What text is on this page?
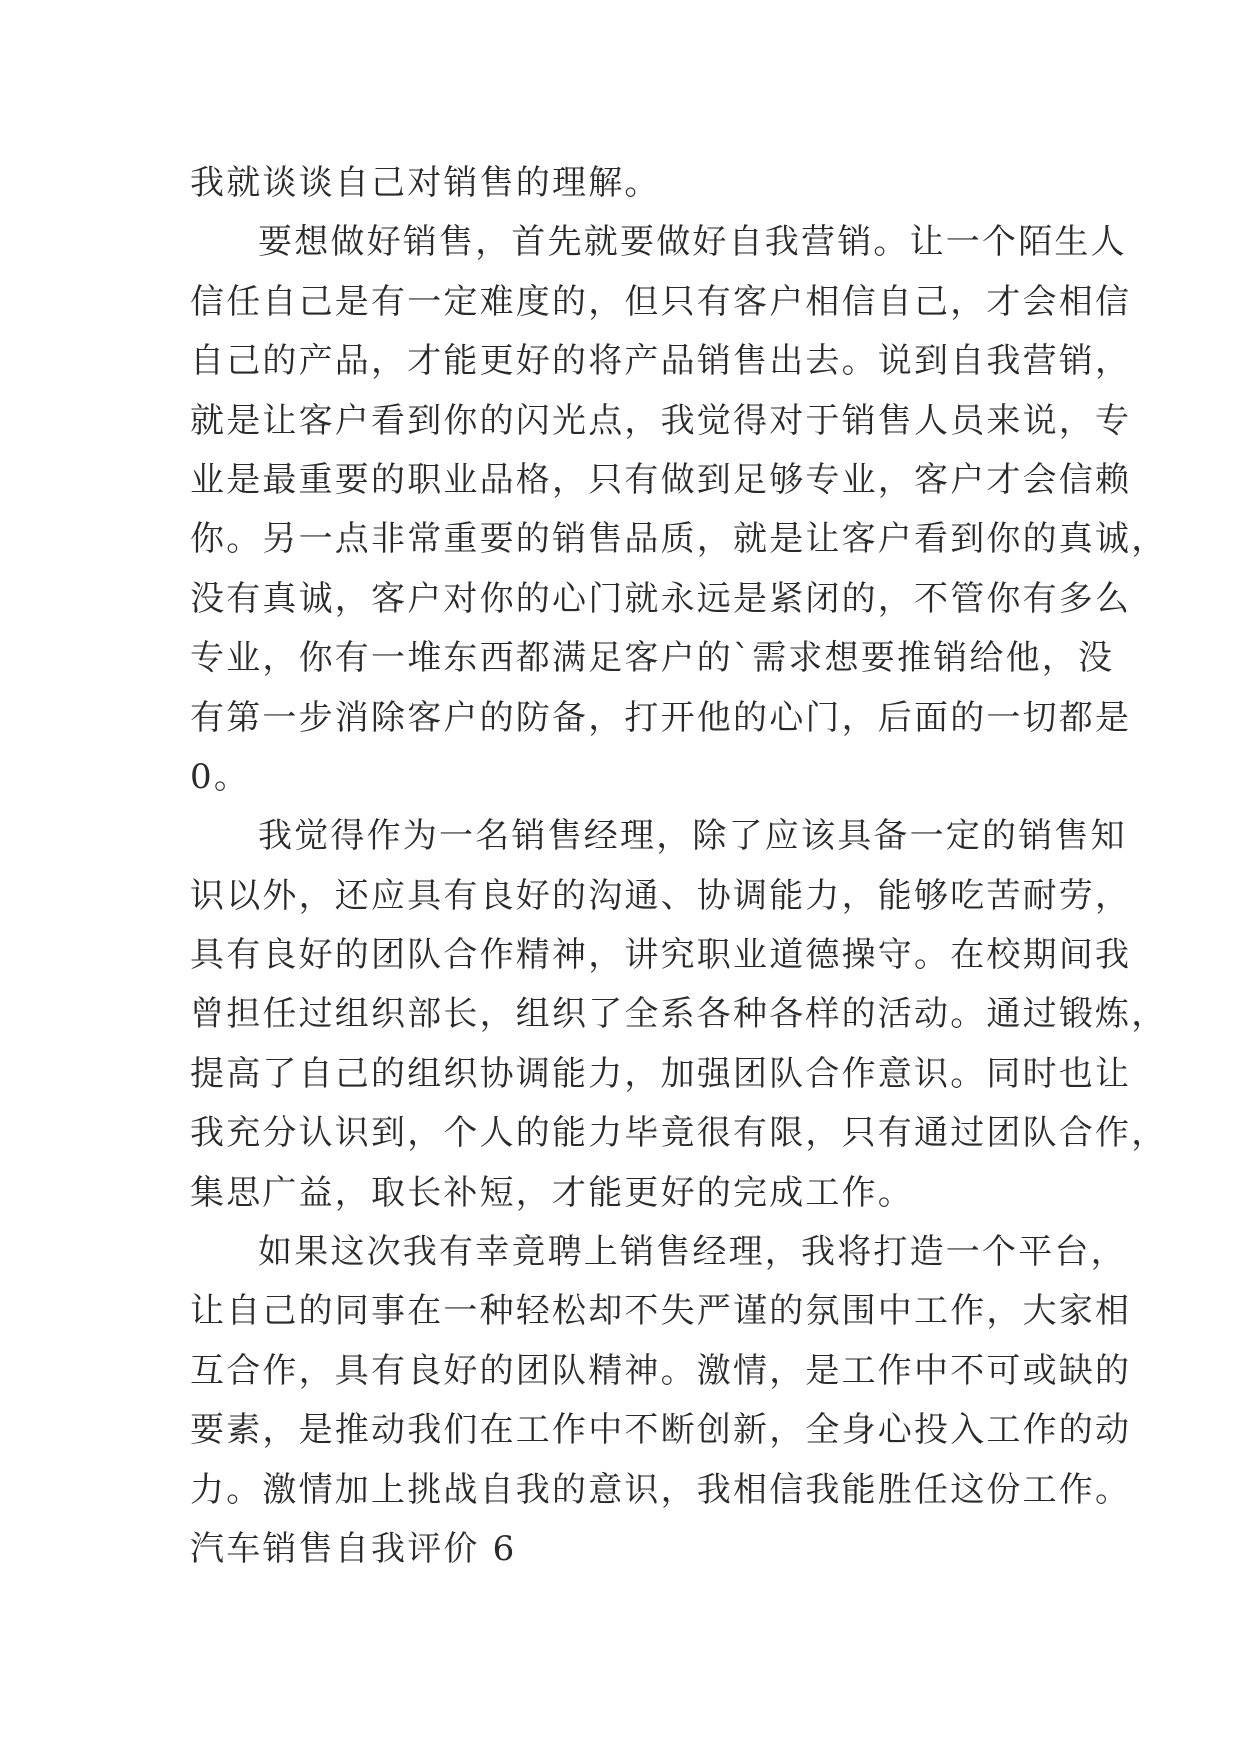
我就谈谈自己对销售的理解。
要想做好销售，首先就要做好自我营销。让一个陌生人
信任自己是有一定难度的，但只有客户相信自己，才会相信
自己的产品，才能更好的将产品销售出去。说到自我营销，
就是让客户看到你的闪光点，我觉得对于销售人员来说，专
业是最重要的职业品格，只有做到足够专业，客户才会信赖
你。另一点非常重要的销售品质，就是让客户看到你的真诚，
没有真诚，客户对你的心门就永远是紧闭的，不管你有多么
专业，你有一堆东西都满足客户的`需求想要推销给他，没
有第一步消除客户的防备，打开他的心门，后面的一切都是
0。
我觉得作为一名销售经理，除了应该具备一定的销售知
识以外，还应具有良好的沟通、协调能力，能够吃苦耐劳，
具有良好的团队合作精神，讲究职业道德操守。在校期间我
曾担任过组织部长，组织了全系各种各样的活动。通过锻炼，
提高了自己的组织协调能力，加强团队合作意识。同时也让
我充分认识到，个人的能力毕竟很有限，只有通过团队合作，
集思广益，取长补短，才能更好的完成工作。
如果这次我有幸竟聘上销售经理，我将打造一个平台，
让自己的同事在一种轻松却不失严谨的氛围中工作，大家相
互合作，具有良好的团队精神。激情，是工作中不可或缺的
要素，是推动我们在工作中不断创新，全身心投入工作的动
力。激情加上挑战自我的意识，我相信我能胜任这份工作。
汽车销售自我评价 6
